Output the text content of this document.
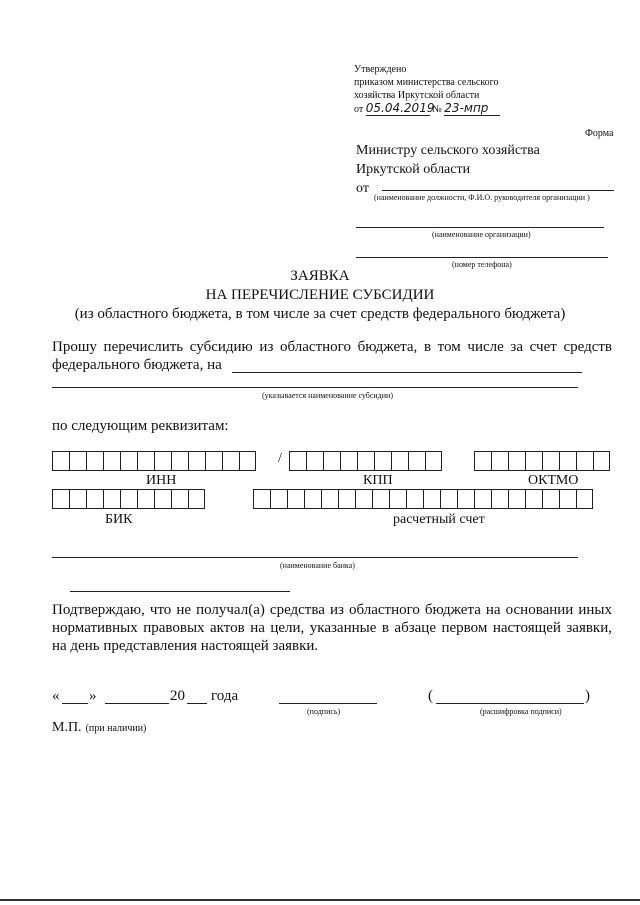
Утверждено
приказом министерства сельского
хозяйства Иркутской области
от 05.04.2019 № 23-мпр
Форма
Министру сельского хозяйства
Иркутской области
от
(наименование должности, Ф.И.О. руководителя организации )
(наименование организации)
(номер телефона)
ЗАЯВКА
НА ПЕРЕЧИСЛЕНИЕ СУБСИДИИ
(из областного бюджета, в том числе за счет средств федерального бюджета)
Прошу перечислить субсидию из областного бюджета, в том числе за счет средств
федерального бюджета, на
(указывается наименование субсидии)
по следующим реквизитам:
/
ИНН	КПП	ОКТМО
БИК	расчетный счет
(наименование банка)
Подтверждаю, что не получал(а) средства из областного бюджета на основании иных
нормативных правовых актов на цели, указанные в абзаце первом настоящей заявки,
на день представления настоящей заявки.
« »	20 года
(подпись)
(	)
(расшифровка подписи)
М.П. (при наличии)
